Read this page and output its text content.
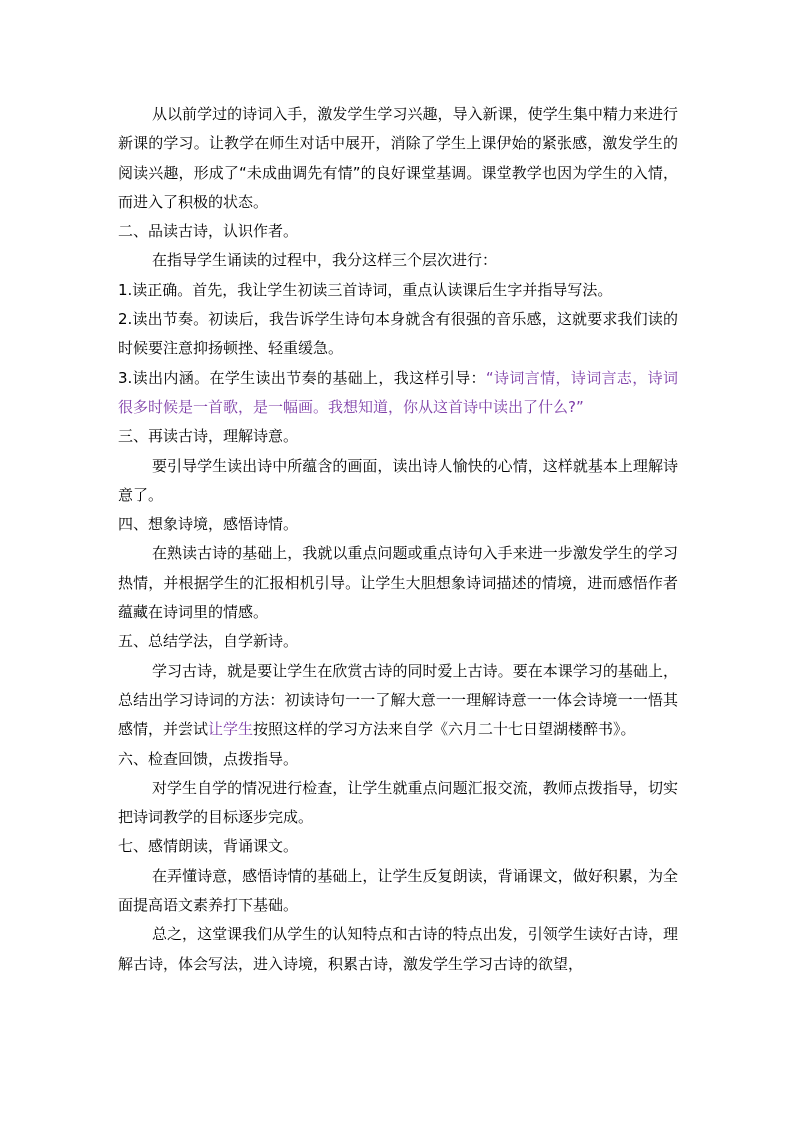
从以前学过的诗词入手，激发学生学习兴趣，导入新课，使学生集中精力来进行新课的学习。让教学在师生对话中展开，消除了学生上课伊始的紧张感，激发学生的阅读兴趣，形成了“未成曲调先有情”的良好课堂基调。课堂教学也因为学生的入情，而进入了积极的状态。

二、品读古诗，认识作者。

在指导学生诵读的过程中，我分这样三个层次进行：

1.读正确。首先，我让学生初读三首诗词，重点认读课后生字并指导写法。

2.读出节奏。初读后，我告诉学生诗句本身就含有很强的音乐感，这就要求我们读的时候要注意抑扬顿挫、轻重缓急。

3.读出内涵。在学生读出节奏的基础上，我这样引导：“诗词言情，诗词言志，诗词很多时候是一首歌，是一幅画。我想知道，你从这首诗中读出了什么?”

三、再读古诗，理解诗意。

要引导学生读出诗中所蕴含的画面，读出诗人愉快的心情，这样就基本上理解诗意了。

四、想象诗境，感悟诗情。

在熟读古诗的基础上，我就以重点问题或重点诗句入手来进一步激发学生的学习热情，并根据学生的汇报相机引导。让学生大胆想象诗词描述的情境，进而感悟作者蕴藏在诗词里的情感。

五、总结学法，自学新诗。

学习古诗，就是要让学生在欣赏古诗的同时爱上古诗。要在本课学习的基础上，总结出学习诗词的方法：初读诗句一一了解大意一一理解诗意一一体会诗境一一悟其感情，并尝试让学生按照这样的学习方法来自学《六月二十七日望湖楼醉书》。

六、检查回馈，点拨指导。

对学生自学的情况进行检查，让学生就重点问题汇报交流，教师点拨指导，切实把诗词教学的目标逐步完成。

七、感情朗读，背诵课文。

在弄懂诗意，感悟诗情的基础上，让学生反复朗读，背诵课文，做好积累，为全面提高语文素养打下基础。

总之，这堂课我们从学生的认知特点和古诗的特点出发，引领学生读好古诗，理解古诗，体会写法，进入诗境，积累古诗，激发学生学习古诗的欲望，
